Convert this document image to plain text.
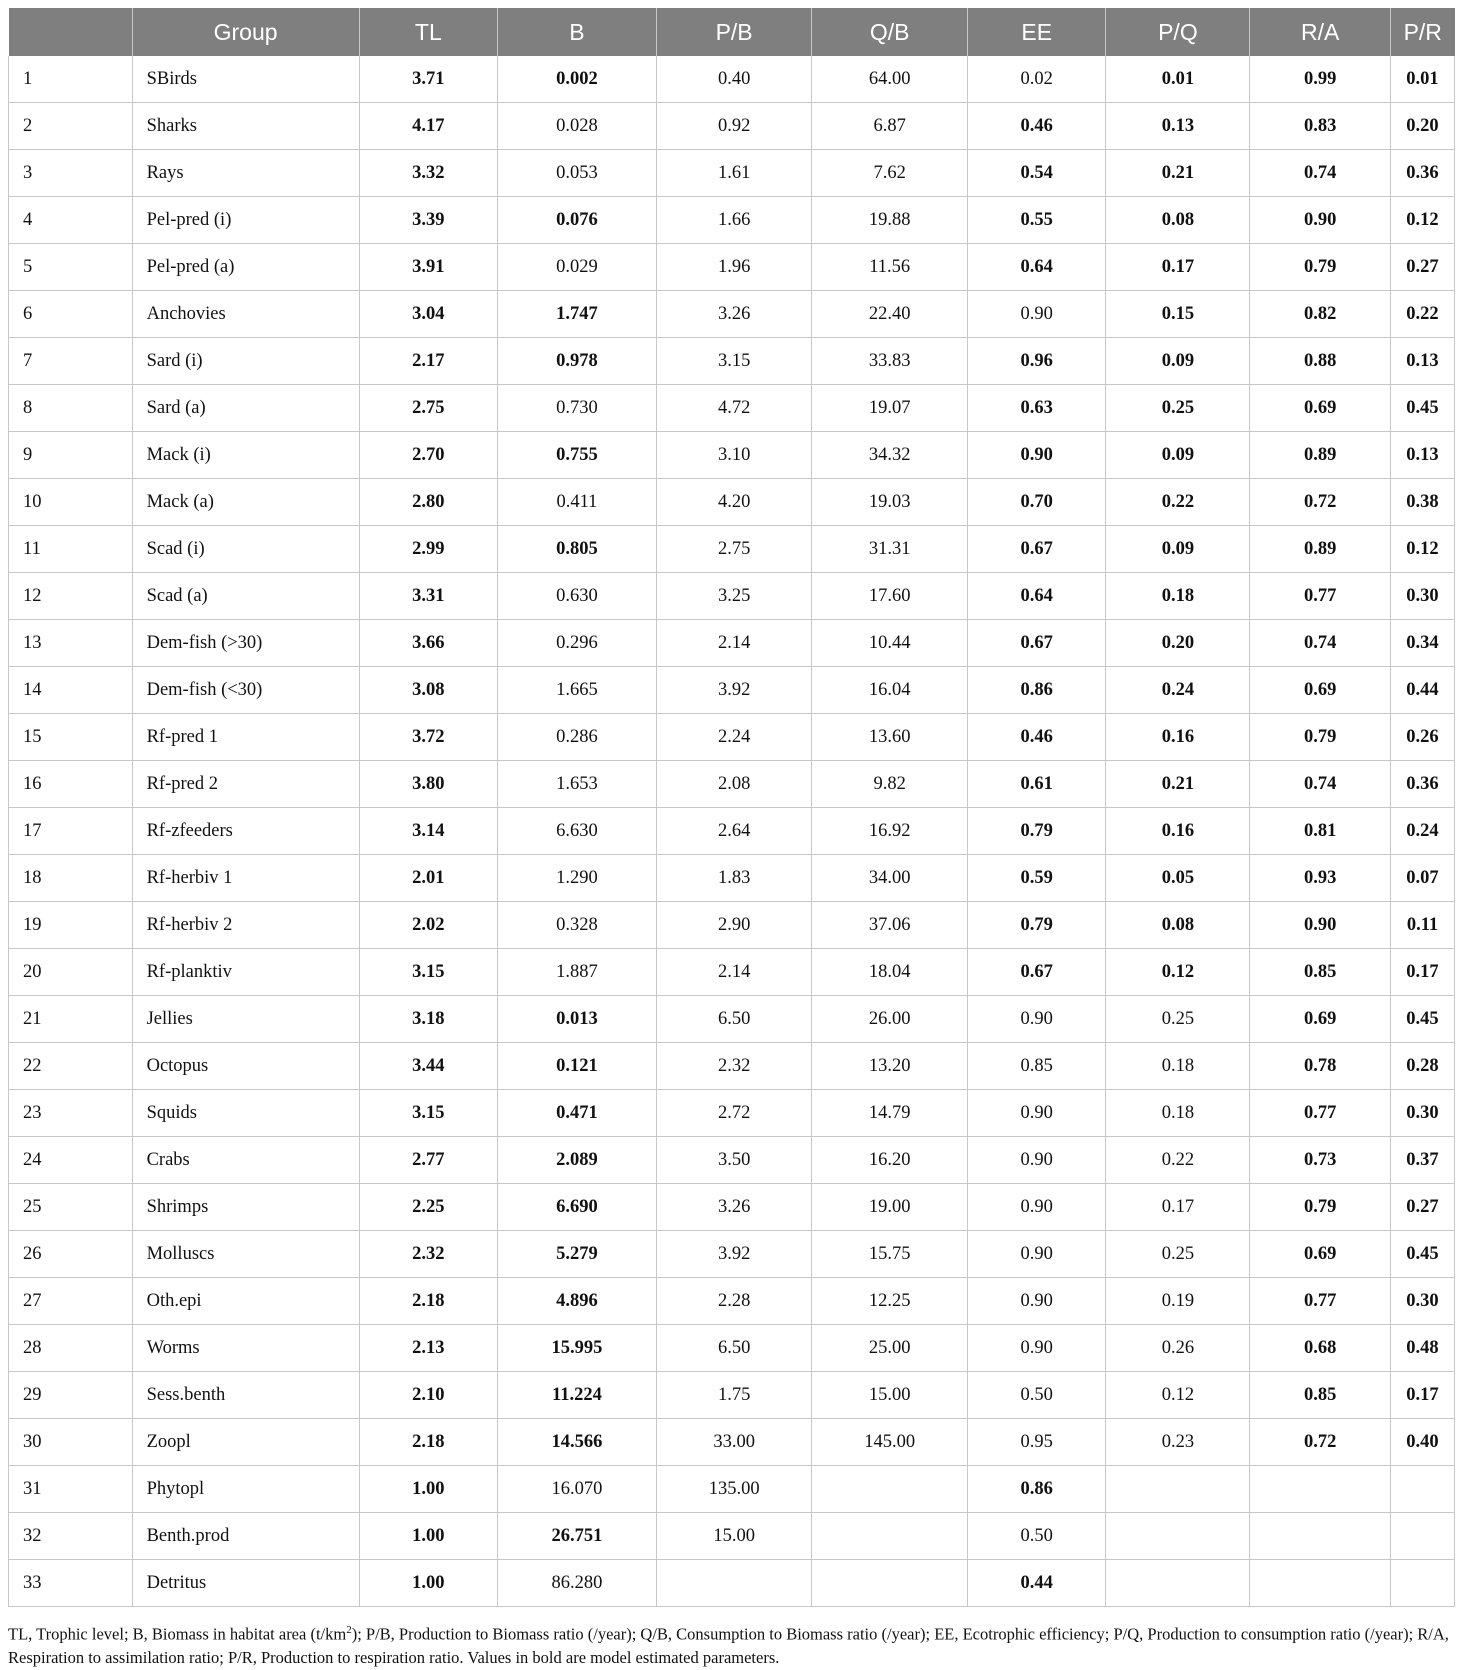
	Group	TL	B	P/B	Q/B	EE	P/Q	R/A	P/R
1	SBirds	3.71	0.002	0.40	64.00	0.02	0.01	0.99	0.01
2	Sharks	4.17	0.028	0.92	6.87	0.46	0.13	0.83	0.20
3	Rays	3.32	0.053	1.61	7.62	0.54	0.21	0.74	0.36
4	Pel-pred (i)	3.39	0.076	1.66	19.88	0.55	0.08	0.90	0.12
5	Pel-pred (a)	3.91	0.029	1.96	11.56	0.64	0.17	0.79	0.27
6	Anchovies	3.04	1.747	3.26	22.40	0.90	0.15	0.82	0.22
7	Sard (i)	2.17	0.978	3.15	33.83	0.96	0.09	0.88	0.13
8	Sard (a)	2.75	0.730	4.72	19.07	0.63	0.25	0.69	0.45
9	Mack (i)	2.70	0.755	3.10	34.32	0.90	0.09	0.89	0.13
10	Mack (a)	2.80	0.411	4.20	19.03	0.70	0.22	0.72	0.38
11	Scad (i)	2.99	0.805	2.75	31.31	0.67	0.09	0.89	0.12
12	Scad (a)	3.31	0.630	3.25	17.60	0.64	0.18	0.77	0.30
13	Dem-fish (>30)	3.66	0.296	2.14	10.44	0.67	0.20	0.74	0.34
14	Dem-fish (<30)	3.08	1.665	3.92	16.04	0.86	0.24	0.69	0.44
15	Rf-pred 1	3.72	0.286	2.24	13.60	0.46	0.16	0.79	0.26
16	Rf-pred 2	3.80	1.653	2.08	9.82	0.61	0.21	0.74	0.36
17	Rf-zfeeders	3.14	6.630	2.64	16.92	0.79	0.16	0.81	0.24
18	Rf-herbiv 1	2.01	1.290	1.83	34.00	0.59	0.05	0.93	0.07
19	Rf-herbiv 2	2.02	0.328	2.90	37.06	0.79	0.08	0.90	0.11
20	Rf-planktiv	3.15	1.887	2.14	18.04	0.67	0.12	0.85	0.17
21	Jellies	3.18	0.013	6.50	26.00	0.90	0.25	0.69	0.45
22	Octopus	3.44	0.121	2.32	13.20	0.85	0.18	0.78	0.28
23	Squids	3.15	0.471	2.72	14.79	0.90	0.18	0.77	0.30
24	Crabs	2.77	2.089	3.50	16.20	0.90	0.22	0.73	0.37
25	Shrimps	2.25	6.690	3.26	19.00	0.90	0.17	0.79	0.27
26	Molluscs	2.32	5.279	3.92	15.75	0.90	0.25	0.69	0.45
27	Oth.epi	2.18	4.896	2.28	12.25	0.90	0.19	0.77	0.30
28	Worms	2.13	15.995	6.50	25.00	0.90	0.26	0.68	0.48
29	Sess.benth	2.10	11.224	1.75	15.00	0.50	0.12	0.85	0.17
30	Zoopl	2.18	14.566	33.00	145.00	0.95	0.23	0.72	0.40
31	Phytopl	1.00	16.070	135.00		0.86			
32	Benth.prod	1.00	26.751	15.00		0.50			
33	Detritus	1.00	86.280			0.44			
TL, Trophic level; B, Biomass in habitat area $(t/km^2)$; P/B, Production to Biomass ratio (/year); Q/B, Consumption to Biomass ratio (/year); EE, Ecotrophic efficiency; P/Q, Production to consumption ratio (/year); R/A, Respiration to assimilation ratio; P/R, Production to respiration ratio. Values in bold are model estimated parameters.
